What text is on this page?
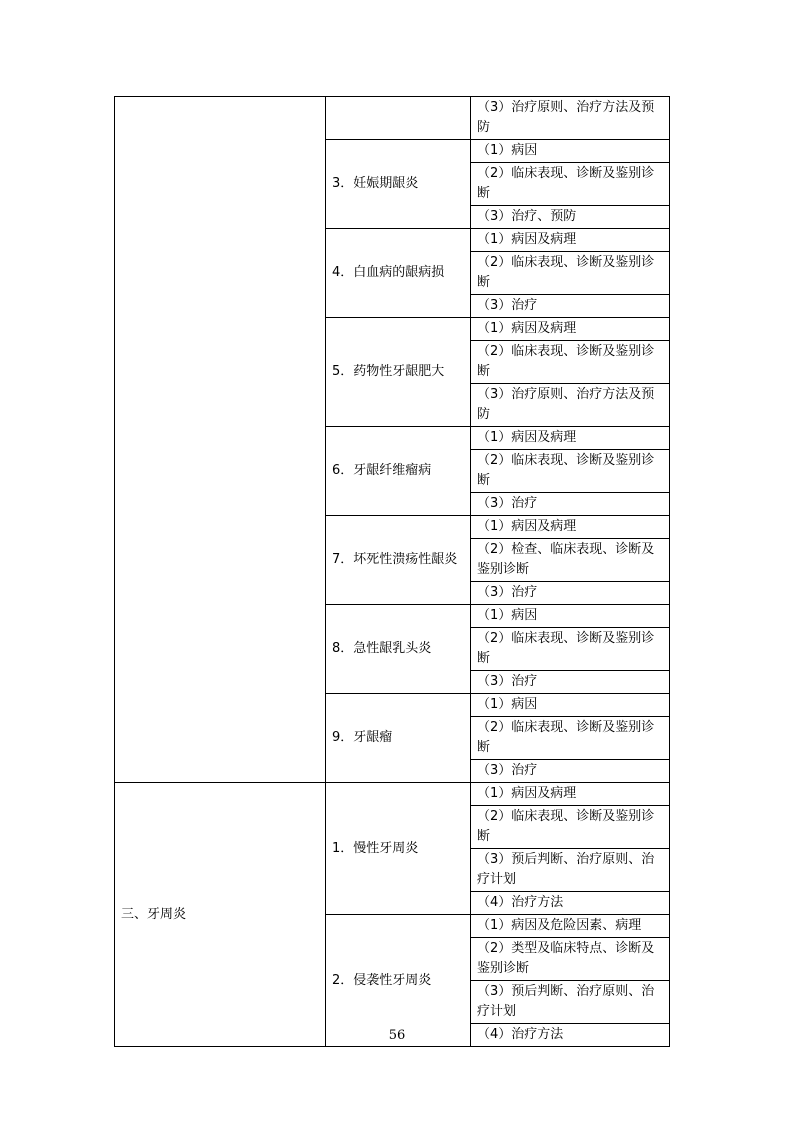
		（3）治疗原则、治疗方法及预防
	3．妊娠期龈炎	（1）病因
		（2）临床表现、诊断及鉴别诊断
		（3）治疗、预防
	4．白血病的龈病损	（1）病因及病理
		（2）临床表现、诊断及鉴别诊断
		（3）治疗
	5．药物性牙龈肥大	（1）病因及病理
		（2）临床表现、诊断及鉴别诊断
		（3）治疗原则、治疗方法及预防
	6．牙龈纤维瘤病	（1）病因及病理
		（2）临床表现、诊断及鉴别诊断
		（3）治疗
	7．坏死性溃疡性龈炎	（1）病因及病理
		（2）检查、临床表现、诊断及鉴别诊断
		（3）治疗
	8．急性龈乳头炎	（1）病因
		（2）临床表现、诊断及鉴别诊断
		（3）治疗
	9．牙龈瘤	（1）病因
		（2）临床表现、诊断及鉴别诊断
		（3）治疗
三、牙周炎	1．慢性牙周炎	（1）病因及病理
		（2）临床表现、诊断及鉴别诊断
		（3）预后判断、治疗原则、治疗计划
		（4）治疗方法
	2．侵袭性牙周炎	（1）病因及危险因素、病理
		（2）类型及临床特点、诊断及鉴别诊断
		（3）预后判断、治疗原则、治疗计划
		（4）治疗方法
56
